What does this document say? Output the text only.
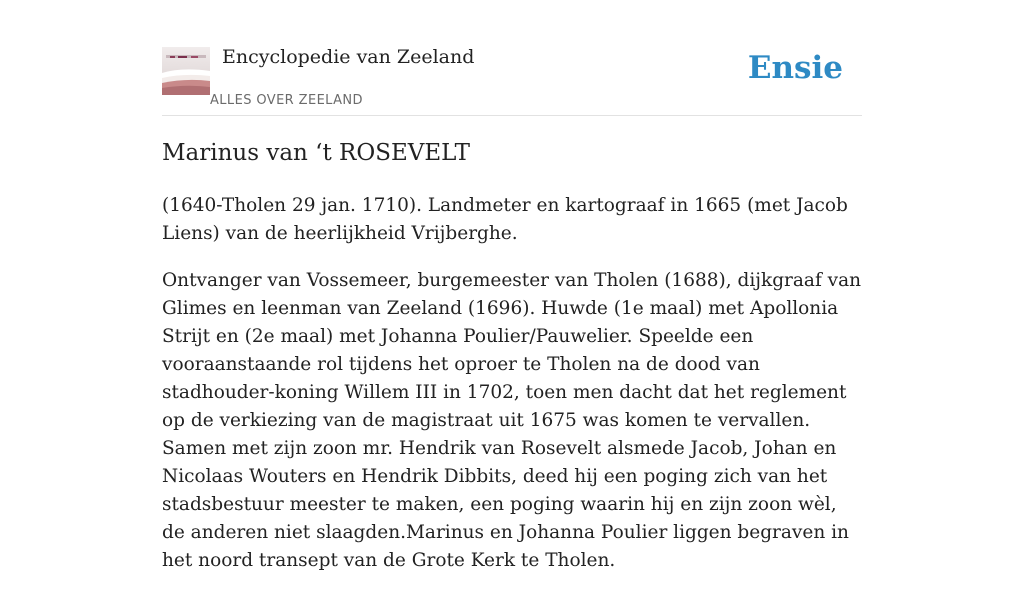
Encyclopedie van Zeeland
ALLES OVER ZEELAND
Ensie
Marinus van ‘t ROSEVELT

(1640-Tholen 29 jan. 1710). Landmeter en kartograaf in 1665 (met Jacob Liens) van de heerlijkheid Vrijberghe.

Ontvanger van Vossemeer, burgemeester van Tholen (1688), dijkgraaf van Glimes en leenman van Zeeland (1696). Huwde (1e maal) met Apollonia Strijt en (2e maal) met Johanna Poulier/Pauwelier. Speelde een vooraanstaande rol tijdens het oproer te Tholen na de dood van stadhouder-koning Willem III in 1702, toen men dacht dat het reglement op de verkiezing van de magistraat uit 1675 was komen te vervallen. Samen met zijn zoon mr. Hendrik van Rosevelt alsmede Jacob, Johan en Nicolaas Wouters en Hendrik Dibbits, deed hij een poging zich van het stadsbestuur meester te maken, een poging waarin hij en zijn zoon wèl, de anderen niet slaagden.Marinus en Johanna Poulier liggen begraven in het noord transept van de Grote Kerk te Tholen.
